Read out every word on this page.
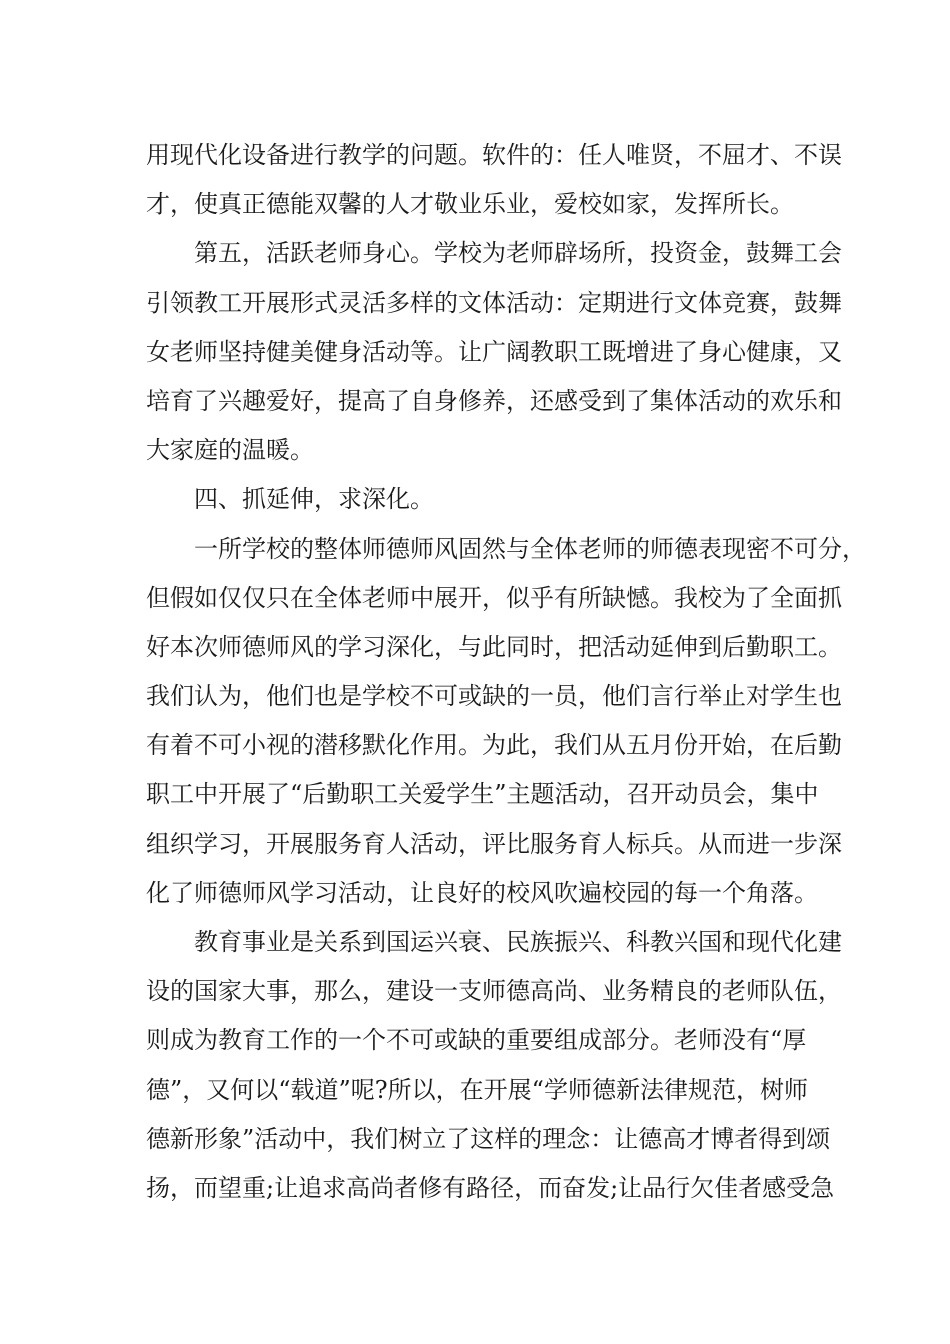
用现代化设备进行教学的问题。软件的：任人唯贤，不屈才、不误
才，使真正德能双馨的人才敬业乐业，爱校如家，发挥所长。
第五，活跃老师身心。学校为老师辟场所，投资金，鼓舞工会
引领教工开展形式灵活多样的文体活动：定期进行文体竞赛，鼓舞
女老师坚持健美健身活动等。让广阔教职工既增进了身心健康，又
培育了兴趣爱好，提高了自身修养，还感受到了集体活动的欢乐和
大家庭的温暖。
四、抓延伸，求深化。
一所学校的整体师德师风固然与全体老师的师德表现密不可分，
但假如仅仅只在全体老师中展开，似乎有所缺憾。我校为了全面抓
好本次师德师风的学习深化，与此同时，把活动延伸到后勤职工。
我们认为，他们也是学校不可或缺的一员，他们言行举止对学生也
有着不可小视的潜移默化作用。为此，我们从五月份开始，在后勤
职工中开展了“后勤职工关爱学生”主题活动，召开动员会，集中
组织学习，开展服务育人活动，评比服务育人标兵。从而进一步深
化了师德师风学习活动，让良好的校风吹遍校园的每一个角落。
教育事业是关系到国运兴衰、民族振兴、科教兴国和现代化建
设的国家大事，那么，建设一支师德高尚、业务精良的老师队伍，
则成为教育工作的一个不可或缺的重要组成部分。老师没有“厚
德”，又何以“载道”呢?所以，在开展“学师德新法律规范，树师
德新形象”活动中，我们树立了这样的理念：让德高才博者得到颂
扬，而望重;让追求高尚者修有路径，而奋发;让品行欠佳者感受急
